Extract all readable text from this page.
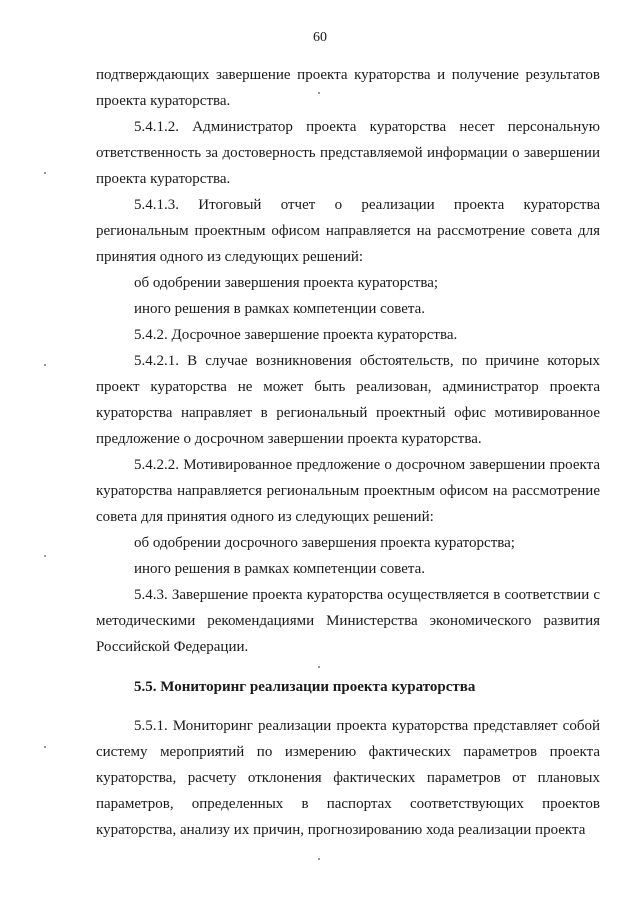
60

подтверждающих завершение проекта кураторства и получение результатов проекта кураторства.

5.4.1.2. Администратор проекта кураторства несет персональную ответственность за достоверность представляемой информации о завершении проекта кураторства.

5.4.1.3. Итоговый отчет о реализации проекта кураторства региональным проектным офисом направляется на рассмотрение совета для принятия одного из следующих решений:

об одобрении завершения проекта кураторства;

иного решения в рамках компетенции совета.

5.4.2. Досрочное завершение проекта кураторства.

5.4.2.1. В случае возникновения обстоятельств, по причине которых проект кураторства не может быть реализован, администратор проекта кураторства направляет в региональный проектный офис мотивированное предложение о досрочном завершении проекта кураторства.

5.4.2.2. Мотивированное предложение о досрочном завершении проекта кураторства направляется региональным проектным офисом на рассмотрение совета для принятия одного из следующих решений:

об одобрении досрочного завершения проекта кураторства;

иного решения в рамках компетенции совета.

5.4.3. Завершение проекта кураторства осуществляется в соответствии с методическими рекомендациями Министерства экономического развития Российской Федерации.

5.5. Мониторинг реализации проекта кураторства

5.5.1. Мониторинг реализации проекта кураторства представляет собой систему мероприятий по измерению фактических параметров проекта кураторства, расчету отклонения фактических параметров от плановых параметров, определенных в паспортах соответствующих проектов кураторства, анализу их причин, прогнозированию хода реализации проекта
